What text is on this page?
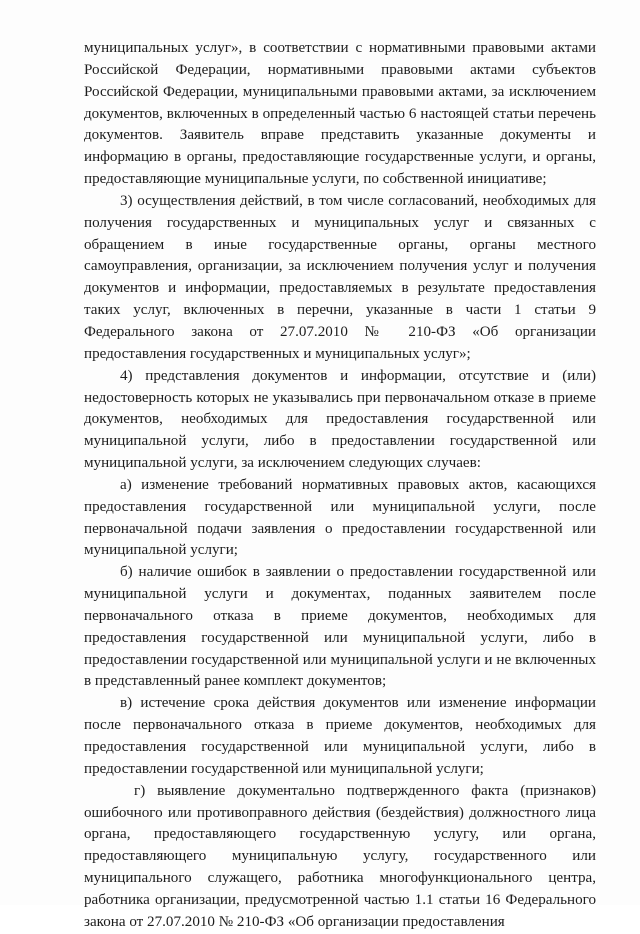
муниципальных услуг», в соответствии с нормативными правовыми актами Российской Федерации, нормативными правовыми актами субъектов Российской Федерации, муниципальными правовыми актами, за исключением документов, включенных в определенный частью 6 настоящей статьи перечень документов. Заявитель вправе представить указанные документы и информацию в органы, предоставляющие государственные услуги, и органы, предоставляющие муниципальные услуги, по собственной инициативе;

3) осуществления действий, в том числе согласований, необходимых для получения государственных и муниципальных услуг и связанных с обращением в иные государственные органы, органы местного самоуправления, организации, за исключением получения услуг и получения документов и информации, предоставляемых в результате предоставления таких услуг, включенных в перечни, указанные в части 1 статьи 9 Федерального закона от 27.07.2010 № 210-ФЗ «Об организации предоставления государственных и муниципальных услуг»;

4) представления документов и информации, отсутствие и (или) недостоверность которых не указывались при первоначальном отказе в приеме документов, необходимых для предоставления государственной или муниципальной услуги, либо в предоставлении государственной или муниципальной услуги, за исключением следующих случаев:

а) изменение требований нормативных правовых актов, касающихся предоставления государственной или муниципальной услуги, после первоначальной подачи заявления о предоставлении государственной или муниципальной услуги;

б) наличие ошибок в заявлении о предоставлении государственной или муниципальной услуги и документах, поданных заявителем после первоначального отказа в приеме документов, необходимых для предоставления государственной или муниципальной услуги, либо в предоставлении государственной или муниципальной услуги и не включенных в представленный ранее комплект документов;

в) истечение срока действия документов или изменение информации после первоначального отказа в приеме документов, необходимых для предоставления государственной или муниципальной услуги, либо в предоставлении государственной или муниципальной услуги;

г) выявление документально подтвержденного факта (признаков) ошибочного или противоправного действия (бездействия) должностного лица органа, предоставляющего государственную услугу, или органа, предоставляющего муниципальную услугу, государственного или муниципального служащего, работника многофункционального центра, работника организации, предусмотренной частью 1.1 статьи 16 Федерального закона от 27.07.2010 № 210-ФЗ «Об организации предоставления
